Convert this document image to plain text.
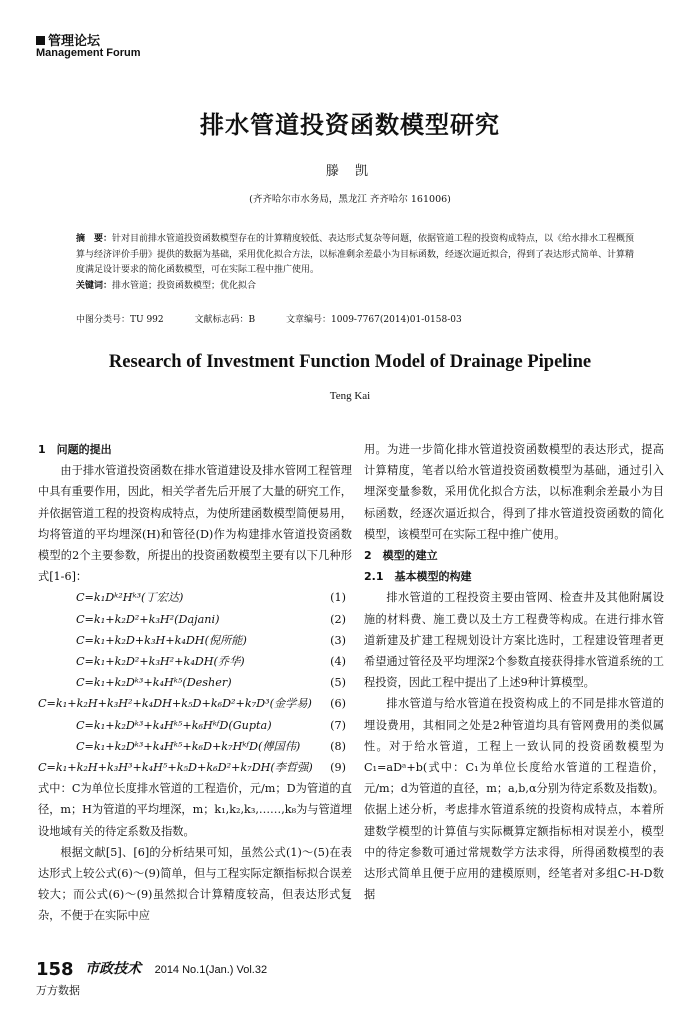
管理论坛
Management Forum
排水管道投资函数模型研究
滕 凯
(齐齐哈尔市水务局，黑龙江 齐齐哈尔 161006)
摘　要：针对目前排水管道投资函数模型存在的计算精度较低、表达形式复杂等问题，依据管道工程的投资构成特点，以《给水排水工程概预算与经济评价手册》提供的数据为基础，采用优化拟合方法，以标准剩余差最小为目标函数，经逐次逼近拟合，得到了表达形式简单、计算精度满足设计要求的简化函数模型，可在实际工程中推广使用。
关键词：排水管道；投资函数模型；优化拟合
中图分类号：TU 992	文献标志码：B	文章编号：1009-7767(2014)01-0158-03
Research of Investment Function Model of Drainage Pipeline
Teng Kai

1　问题的提出

由于排水管道投资函数在排水管道建设及排水管网工程管理中具有重要作用，因此，相关学者先后开展了大量的研究工作，并依据管道工程的投资构成特点，为使所建函数模型简便易用，均将管道的平均埋深(H)和管径(D)作为构建排水管道投资函数模型的2个主要参数，所提出的投资函数模型主要有以下几种形式[1-6]：

C=k₁Dᵏ²Hᵏ³(丁宏达)	(1)
C=k₁+k₂D²+k₃H²(Dajani)	(2)
C=k₁+k₂D+k₃H+k₄DH(倪所能)	(3)
C=k₁+k₂D²+k₃H²+k₄DH(乔华)	(4)
C=k₁+k₂Dᵏ³+k₄Hᵏ⁵(Desher)	(5)
C=k₁+k₂H+k₃H²+k₄DH+k₅D+k₆D²+k₇D³(金学易) (6)
C=k₁+k₂Dᵏ³+k₄Hᵏ⁵+k₆HᵏᶠD(Gupta)	(7)
C=k₁+k₂Dᵏ³+k₄Hᵏ⁵+k₆D+k₇HᵏᶠD(傅国伟)	(8)
C=k₁+k₂H+k₃H³+k₄H⁵+k₅D+k₆D²+k₇DH(李哲强) (9)

式中：C为单位长度排水管道的工程造价，元/m；D为管道的直径，m；H为管道的平均埋深，m；k₁,k₂,k₃,……,k₈为与管道埋设地域有关的待定系数及指数。

根据文献[5]、[6]的分析结果可知，虽然公式(1)～(5)在表达形式上较公式(6)～(9)简单，但与工程实际定额指标拟合误差较大；而公式(6)～(9)虽然拟合计算精度较高，但表达形式复杂，不便于在实际中应

用。为进一步简化排水管道投资函数模型的表达形式，提高计算精度，笔者以给水管道投资函数模型为基础，通过引入埋深变量参数，采用优化拟合方法，以标准剩余差最小为目标函数，经逐次逼近拟合，得到了排水管道投资函数的简化模型，该模型可在实际工程中推广使用。

2　模型的建立

2.1　基本模型的构建

排水管道的工程投资主要由管网、检查井及其他附属设施的材料费、施工费以及土方工程费等构成。在进行排水管道新建及扩建工程规划设计方案比选时，工程建设管理者更希望通过管径及平均埋深2个参数直接获得排水管道系统的工程投资，因此工程中提出了上述9种计算模型。

排水管道与给水管道在投资构成上的不同是排水管道的埋设费用，其相同之处是2种管道均具有管网费用的类似属性。对于给水管道，工程上一致认同的投资函数模型为C₁=aDᵃ+b(式中：C₁为单位长度给水管道的工程造价，元/m；d为管道的直径，m；a,b,α分别为待定系数及指数)。依据上述分析，考虑排水管道系统的投资构成特点，本着所建数学模型的计算值与实际概算定额指标相对误差小，模型中的待定参数可通过常规数学方法求得，所得函数模型的表达形式简单且便于应用的建模原则，经笔者对多组C-H-D数据

158 市政技术 2014 No.1(Jan.) Vol.32
万方数据
